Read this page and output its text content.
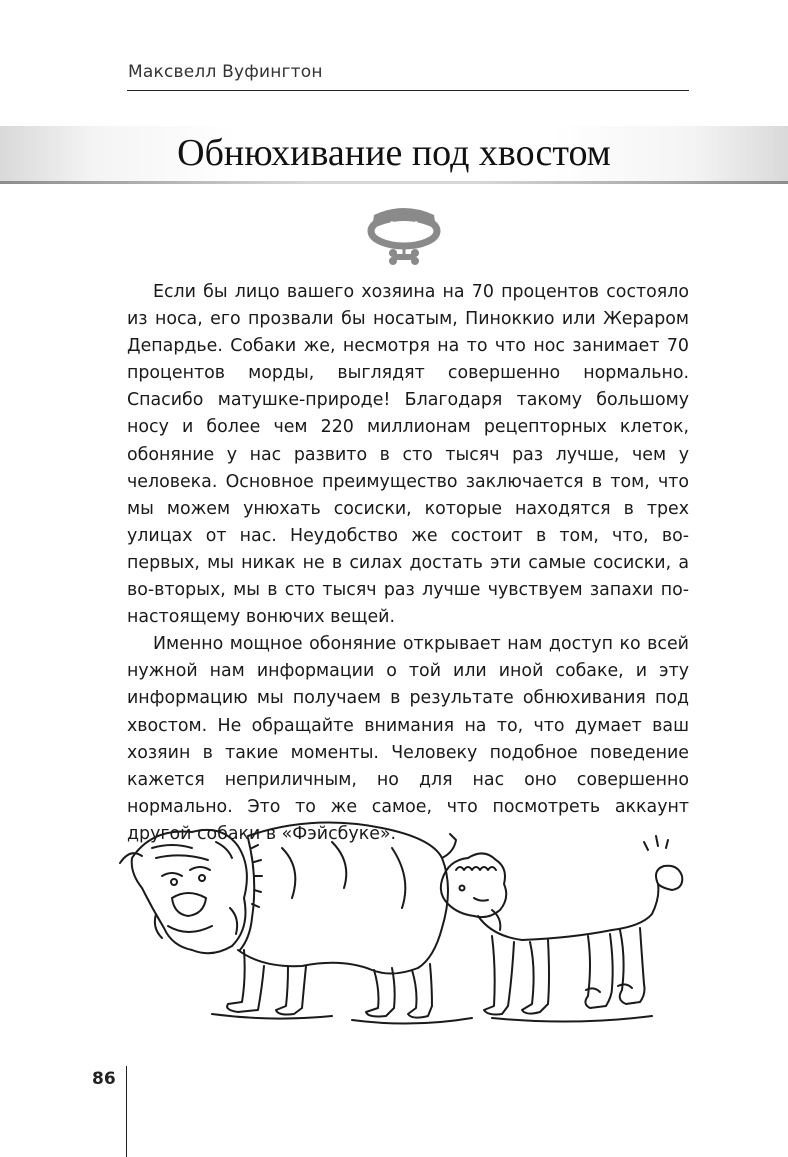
Максвелл Вуфингтон
Обнюхивание под хвостом

Если бы лицо вашего хозяина на 70 процентов состояло из носа, его прозвали бы носатым, Пиноккио или Жераром Депардье. Собаки же, несмотря на то что нос занимает 70 процентов морды, выглядят совершенно нормально. Спасибо матушке-природе! Благодаря такому большому носу и более чем 220 миллионам рецепторных клеток, обоняние у нас развито в сто тысяч раз лучше, чем у человека. Основное преимущество заключается в том, что мы можем унюхать сосиски, которые находятся в трех улицах от нас. Неудобство же состоит в том, что, во-первых, мы никак не в силах достать эти самые сосиски, а во-вторых, мы в сто тысяч раз лучше чувствуем запахи понастоящему вонючих вещей.

Именно мощное обоняние открывает нам доступ ко всей нужной нам информации о той или иной собаке, и эту информацию мы получаем в результате обнюхивания под хвостом. Не обращайте внимания на то, что думает ваш хозяин в такие моменты. Человеку подобное поведение кажется неприличным, но для нас оно совершенно нормально. Это то же самое, что посмотреть аккаунт другой собаки в «Фэйсбуке».

86
